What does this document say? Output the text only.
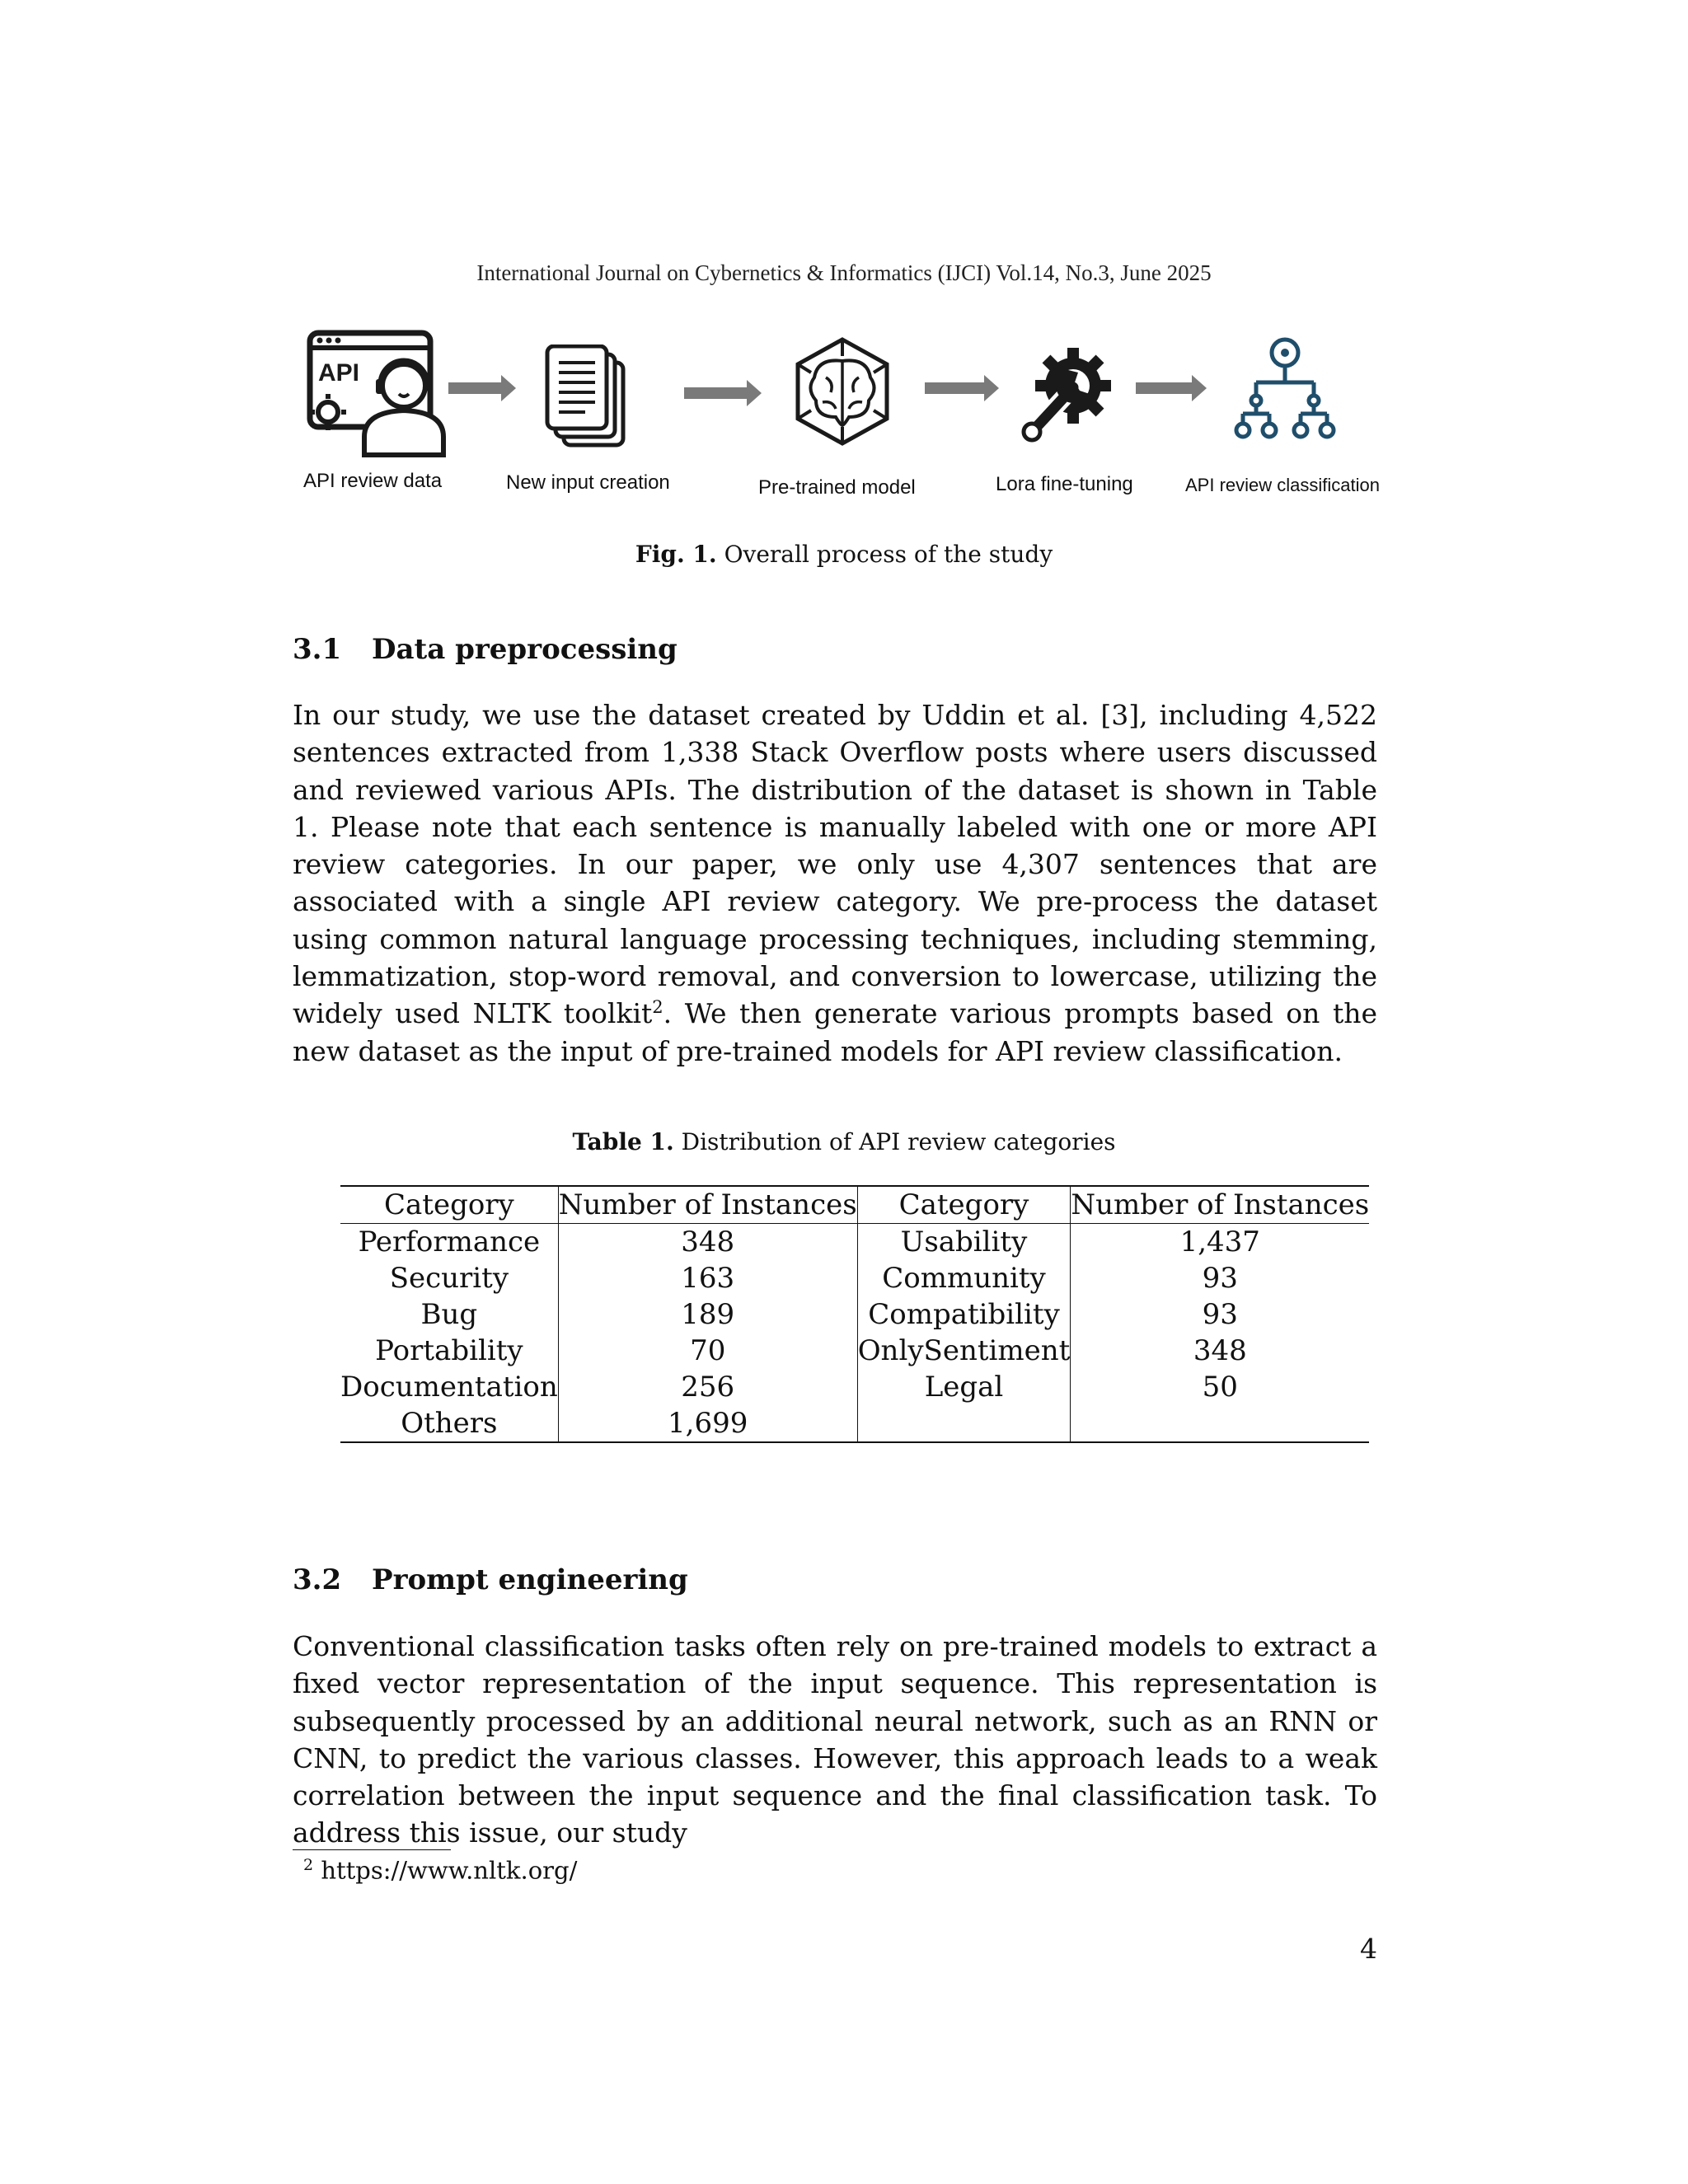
International Journal on Cybernetics & Informatics (IJCI) Vol.14, No.3, June 2025
API
API review data	New input creation	Pre-trained model	Lora fine-tuning	API review classification
Fig. 1. Overall process of the study
3.1 Data preprocessing
In our study, we use the dataset created by Uddin et al. [3], including 4,522 sentences extracted from 1,338 Stack Overflow posts where users discussed and reviewed various APIs. The distribution of the dataset is shown in Table 1. Please note that each sentence is manually labeled with one or more API review categories. In our paper, we only use 4,307 sentences that are associated with a single API review category. We pre-process the dataset using common natural language processing techniques, including stemming, lemmatization, stop-word removal, and conversion to lowercase, utilizing the widely used NLTK toolkit$^2$. We then generate various prompts based on the new dataset as the input of pre-trained models for API review classification.
Table 1. Distribution of API review categories
Category	Number of Instances	Category	Number of Instances
Performance	348	Usability	1,437
Security	163	Community	93
Bug	189	Compatibility	93
Portability	70	OnlySentiment	348
Documentation	256	Legal	50
Others	1,699		
3.2 Prompt engineering
Conventional classification tasks often rely on pre-trained models to extract a fixed vector representation of the input sequence. This representation is subsequently processed by an additional neural network, such as an RNN or CNN, to predict the various classes. However, this approach leads to a weak correlation between the input sequence and the final classification task. To address this issue, our study
$^2$ https://www.nltk.org/
4
